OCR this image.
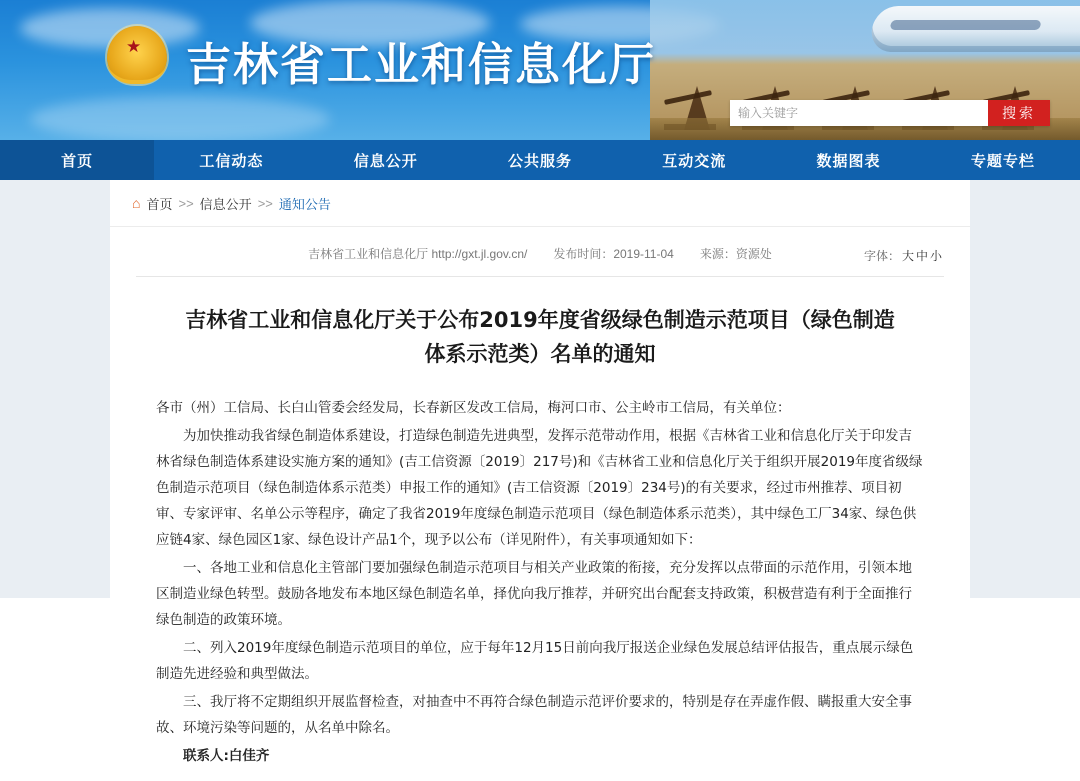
★ 吉林省工业和信息化厅
输入关键字
搜索
首页	工信动态	信息公开	公共服务	互动交流	数据图表	专题专栏
⌂ 首页 >> 信息公开 >> 通知公告
吉林省工业和信息化厅 http://gxt.jl.gov.cn/ 发布时间：2019-11-04 来源：资源处	字体： 大 中 小
吉林省工业和信息化厅关于公布2019年度省级绿色制造示范项目（绿色制造体系示范类）名单的通知

各市（州）工信局、长白山管委会经发局，长春新区发改工信局，梅河口市、公主岭市工信局，有关单位：

为加快推动我省绿色制造体系建设，打造绿色制造先进典型，发挥示范带动作用，根据《吉林省工业和信息化厅关于印发吉林省绿色制造体系建设实施方案的通知》(吉工信资源〔2019〕217号)和《吉林省工业和信息化厅关于组织开展2019年度省级绿色制造示范项目（绿色制造体系示范类）申报工作的通知》(吉工信资源〔2019〕234号)的有关要求，经过市州推荐、项目初审、专家评审、名单公示等程序，确定了我省2019年度绿色制造示范项目（绿色制造体系示范类），其中绿色工厂34家、绿色供应链4家、绿色园区1家、绿色设计产品1个，现予以公布（详见附件），有关事项通知如下：

一、各地工业和信息化主管部门要加强绿色制造示范项目与相关产业政策的衔接，充分发挥以点带面的示范作用，引领本地区制造业绿色转型。鼓励各地发布本地区绿色制造名单，择优向我厅推荐，并研究出台配套支持政策，积极营造有利于全面推行绿色制造的政策环境。

二、列入2019年度绿色制造示范项目的单位，应于每年12月15日前向我厅报送企业绿色发展总结评估报告，重点展示绿色制造先进经验和典型做法。

三、我厅将不定期组织开展监督检查，对抽查中不再符合绿色制造示范评价要求的，特别是存在弄虚作假、瞒报重大安全事故、环境污染等问题的，从名单中除名。

联系人:白佳齐
